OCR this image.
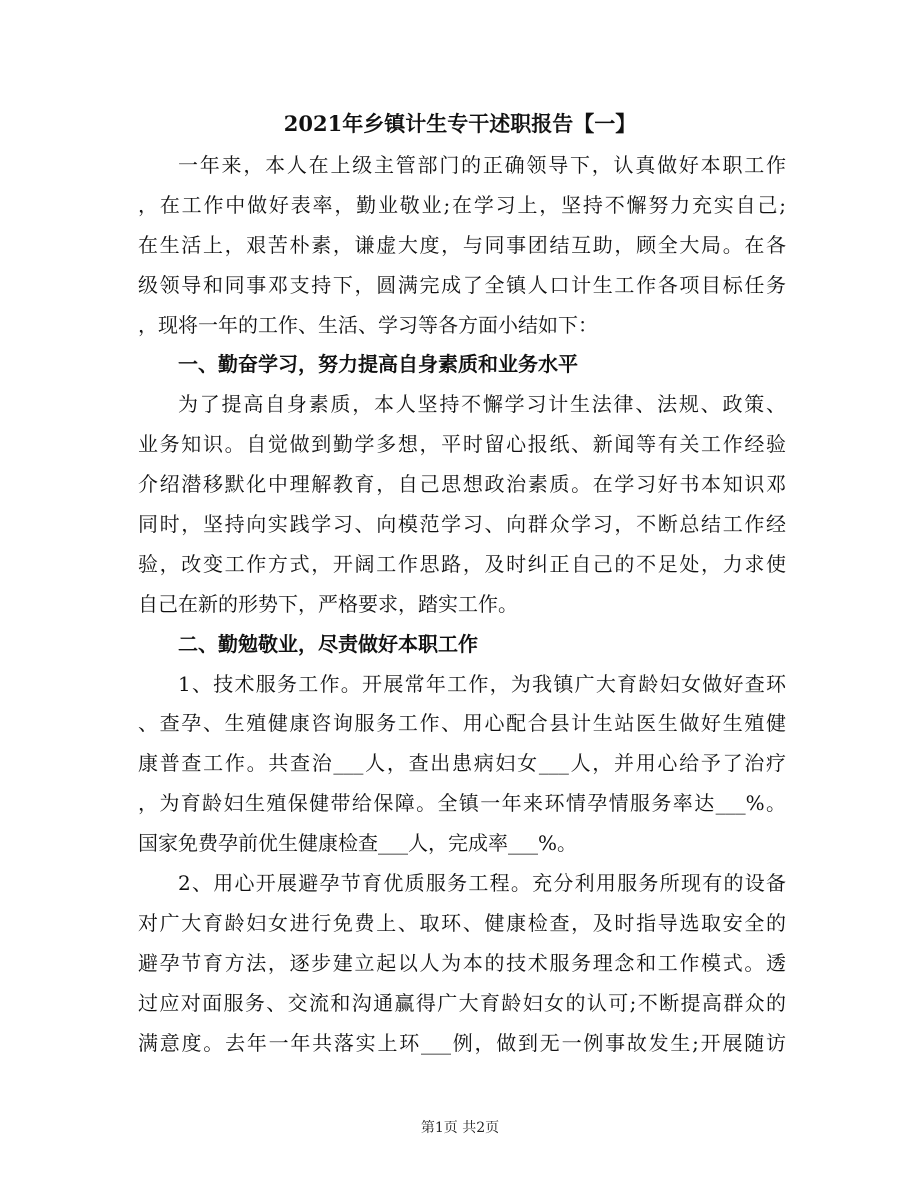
2021年乡镇计生专干述职报告【一】
一年来，本人在上级主管部门的正确领导下，认真做好本职工作
，在工作中做好表率，勤业敬业;在学习上，坚持不懈努力充实自己;
在生活上，艰苦朴素，谦虚大度，与同事团结互助，顾全大局。在各
级领导和同事邓支持下，圆满完成了全镇人口计生工作各项目标任务
，现将一年的工作、生活、学习等各方面小结如下：
一、勤奋学习，努力提高自身素质和业务水平
为了提高自身素质，本人坚持不懈学习计生法律、法规、政策、
业务知识。自觉做到勤学多想，平时留心报纸、新闻等有关工作经验
介绍潜移默化中理解教育，自己思想政治素质。在学习好书本知识邓
同时，坚持向实践学习、向模范学习、向群众学习，不断总结工作经
验，改变工作方式，开阔工作思路，及时纠正自己的不足处，力求使
自己在新的形势下，严格要求，踏实工作。
二、勤勉敬业，尽责做好本职工作
1、技术服务工作。开展常年工作，为我镇广大育龄妇女做好查环
、查孕、生殖健康咨询服务工作、用心配合县计生站医生做好生殖健
康普查工作。共查治___人，查出患病妇女___人，并用心给予了治疗
，为育龄妇生殖保健带给保障。全镇一年来环情孕情服务率达___%。
国家免费孕前优生健康检查___人，完成率___%。
2、用心开展避孕节育优质服务工程。充分利用服务所现有的设备
对广大育龄妇女进行免费上、取环、健康检查，及时指导选取安全的
避孕节育方法，逐步建立起以人为本的技术服务理念和工作模式。透
过应对面服务、交流和沟通赢得广大育龄妇女的认可;不断提高群众的
满意度。去年一年共落实上环___例，做到无一例事故发生;开展随访
第1页 共2页
